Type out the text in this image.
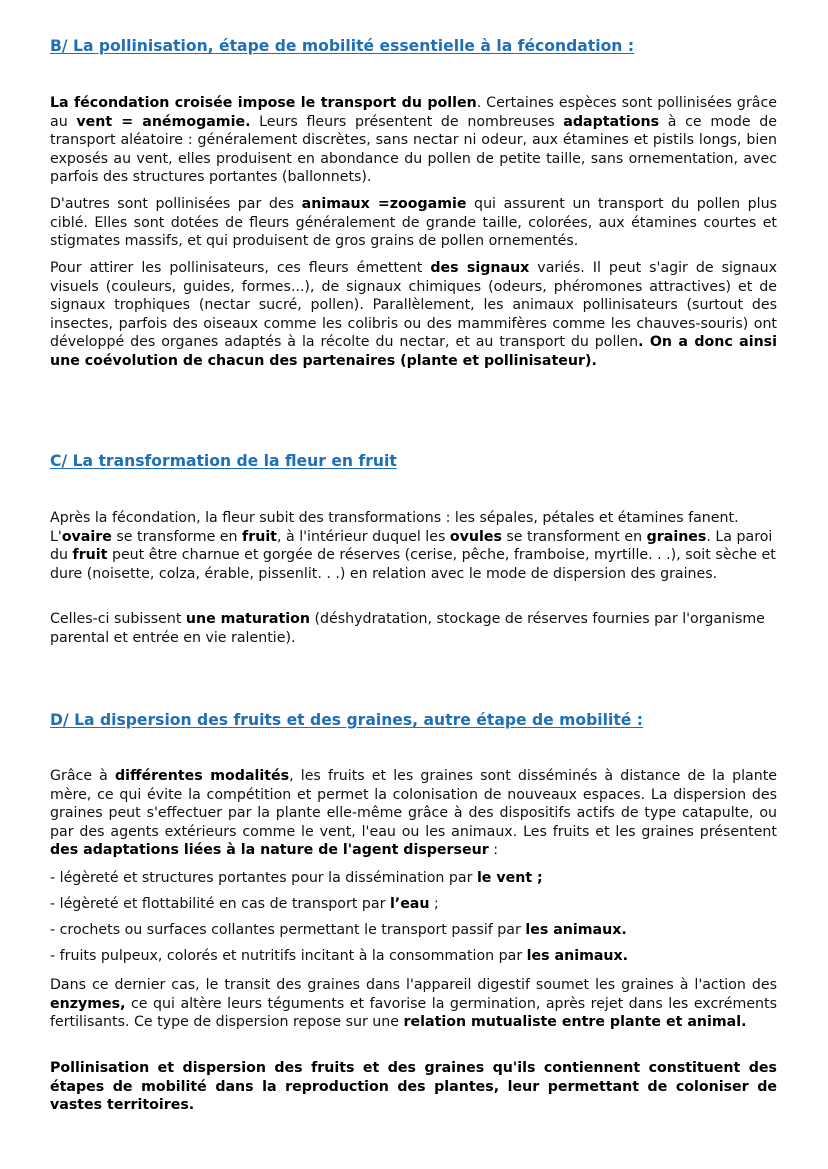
B/ La pollinisation, étape de mobilité essentielle à la fécondation :

La fécondation croisée impose le transport du pollen. Certaines espèces sont pollinisées grâce au vent = anémogamie. Leurs fleurs présentent de nombreuses adaptations à ce mode de transport aléatoire : généralement discrètes, sans nectar ni odeur, aux étamines et pistils longs, bien exposés au vent, elles produisent en abondance du pollen de petite taille, sans ornementation, avec parfois des structures portantes (ballonnets).

D'autres sont pollinisées par des animaux =zoogamie qui assurent un transport du pollen plus ciblé. Elles sont dotées de fleurs généralement de grande taille, colorées, aux étamines courtes et stigmates massifs, et qui produisent de gros grains de pollen ornementés.

Pour attirer les pollinisateurs, ces fleurs émettent des signaux variés. Il peut s'agir de signaux visuels (couleurs, guides, formes...), de signaux chimiques (odeurs, phéromones attractives) et de signaux trophiques (nectar sucré, pollen). Parallèlement, les animaux pollinisateurs (surtout des insectes, parfois des oiseaux comme les colibris ou des mammifères comme les chauves-souris) ont développé des organes adaptés à la récolte du nectar, et au transport du pollen. On a donc ainsi une coévolution de chacun des partenaires (plante et pollinisateur).

C/ La transformation de la fleur en fruit

Après la fécondation, la fleur subit des transformations : les sépales, pétales et étamines fanent. L'ovaire se transforme en fruit, à l'intérieur duquel les ovules se transforment en graines. La paroi du fruit peut être charnue et gorgée de réserves (cerise, pêche, framboise, myrtille. . .), soit sèche et dure (noisette, colza, érable, pissenlit. . .) en relation avec le mode de dispersion des graines.

Celles-ci subissent une maturation (déshydratation, stockage de réserves fournies par l'organisme parental et entrée en vie ralentie).

D/ La dispersion des fruits et des graines, autre étape de mobilité :

Grâce à différentes modalités, les fruits et les graines sont disséminés à distance de la plante mère, ce qui évite la compétition et permet la colonisation de nouveaux espaces. La dispersion des graines peut s'effectuer par la plante elle-même grâce à des dispositifs actifs de type catapulte, ou par des agents extérieurs comme le vent, l'eau ou les animaux. Les fruits et les graines présentent des adaptations liées à la nature de l'agent disperseur :

- légèreté et structures portantes pour la dissémination par le vent ;

- légèreté et flottabilité en cas de transport par l’eau ;

- crochets ou surfaces collantes permettant le transport passif par les animaux.

- fruits pulpeux, colorés et nutritifs incitant à la consommation par les animaux.

Dans ce dernier cas, le transit des graines dans l'appareil digestif soumet les graines à l'action des enzymes, ce qui altère leurs téguments et favorise la germination, après rejet dans les excréments fertilisants. Ce type de dispersion repose sur une relation mutualiste entre plante et animal.

Pollinisation et dispersion des fruits et des graines qu'ils contiennent constituent des étapes de mobilité dans la reproduction des plantes, leur permettant de coloniser de vastes territoires.
